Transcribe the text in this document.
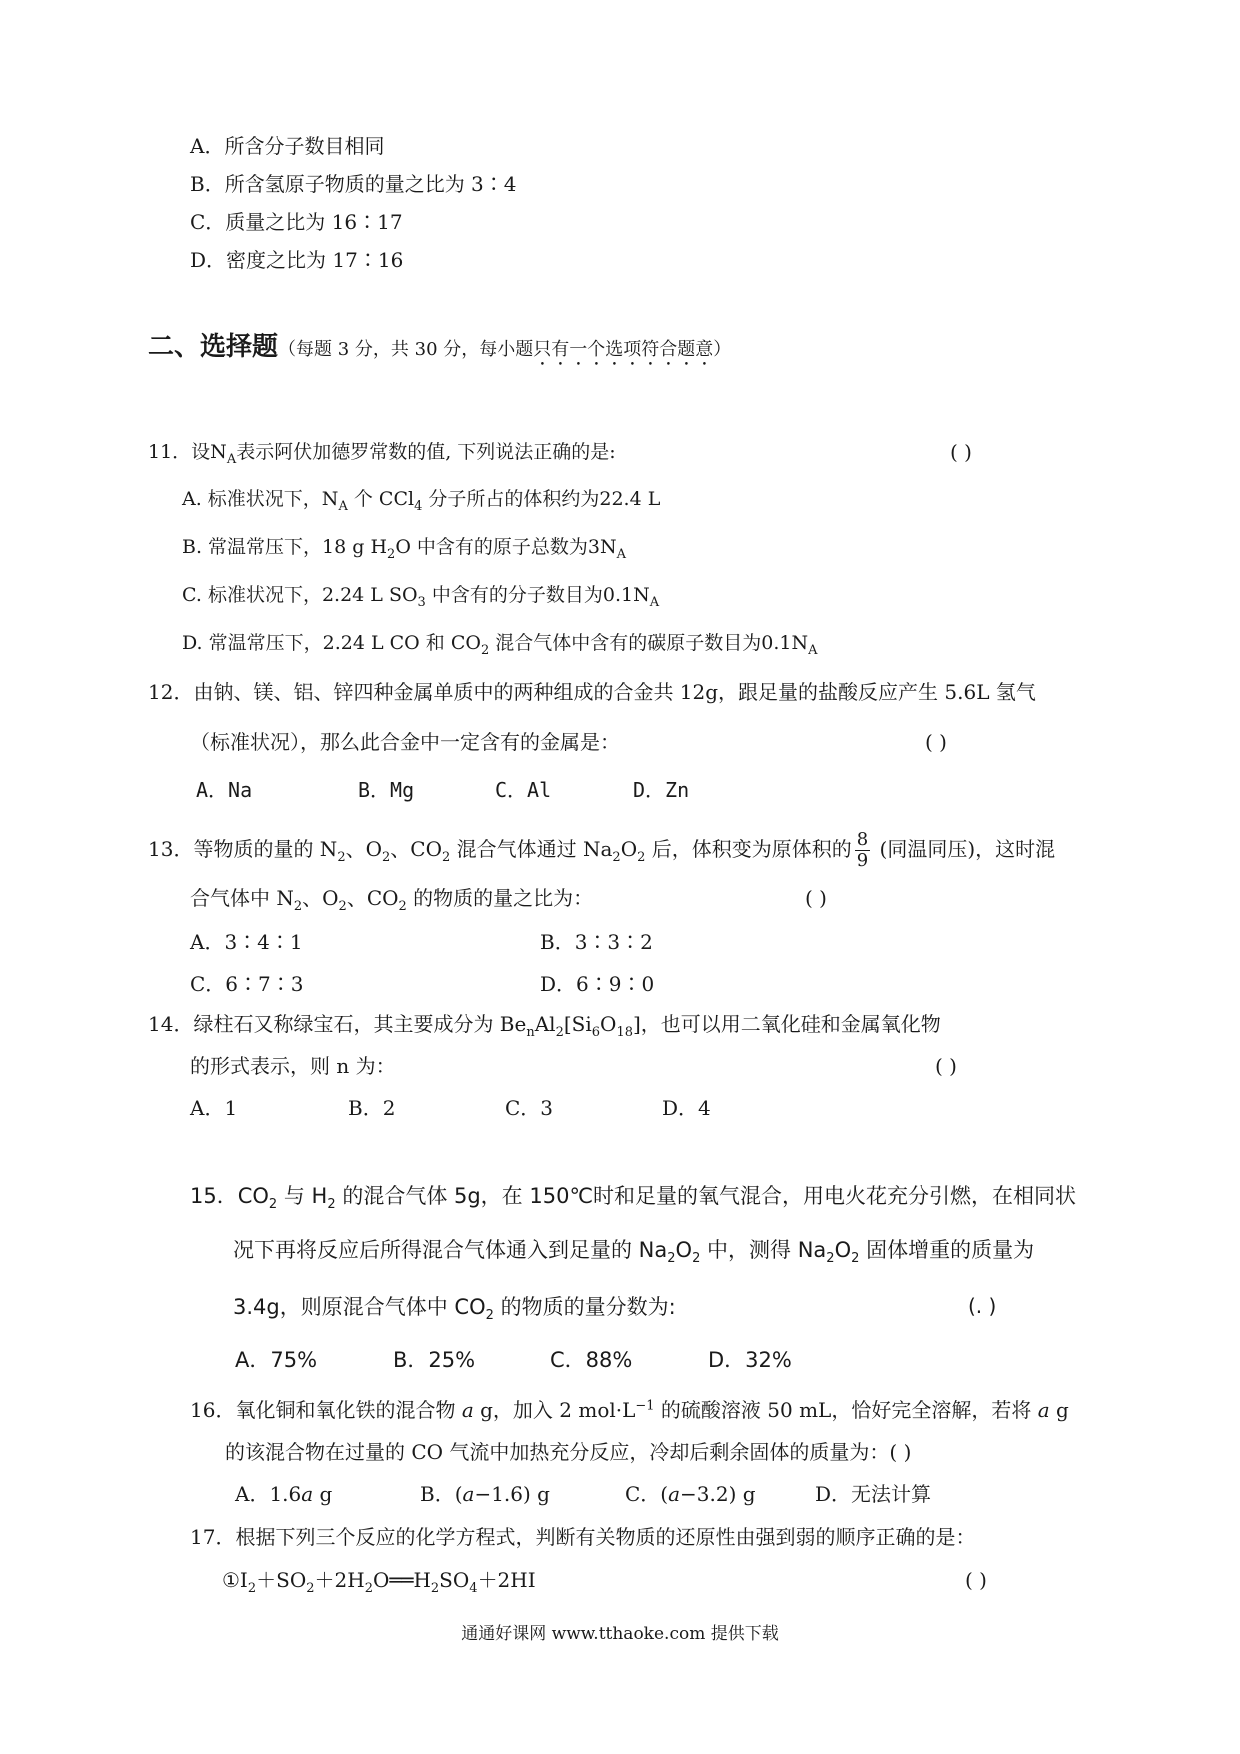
A．所含分子数目相同
B．所含氢原子物质的量之比为 3∶4
C．质量之比为 16∶17
D．密度之比为 17∶16
二、选择题（每题 3 分，共 30 分，每小题只有一个选项符合题意）
11．设$N_A$表示阿伏加德罗常数的值, 下列说法正确的是:	( )
A. 标准状况下，$N_A$ 个 CCl$_4$ 分子所占的体积约为22.4 L
B. 常温常压下，18 g $H_2O$ 中含有的原子总数为$3N_A$
C. 标准状况下，2.24 L $SO_3$ 中含有的分子数目为$0.1N_A$
D. 常温常压下，2.24 L CO 和 $CO_2$ 混合气体中含有的碳原子数目为$0.1N_A$
12．由钠、镁、铝、锌四种金属单质中的两种组成的合金共 12g，跟足量的盐酸反应产生 5.6L 氢气
（标准状况），那么此合金中一定含有的金属是：	( )
A．Na	B．Mg	C．Al	D．Zn
13．等物质的量的 $N_2$、$O_2$、$CO_2$ 混合气体通过 $Na_2O_2$ 后，体积变为原体积的 $\frac{8}{9}$ (同温同压)，这时混
合气体中 $N_2$、$O_2$、$CO_2$ 的物质的量之比为：	( )
A．3∶4∶1	B．3∶3∶2
C．6∶7∶3	D．6∶9∶0
14．绿柱石又称绿宝石，其主要成分为 $Be_nAl_2[Si_6O_{18}]$，也可以用二氧化硅和金属氧化物
的形式表示，则 n 为：	( )
A．1	B．2	C．3	D．4
15．$CO_2$ 与 $H_2$ 的混合气体 5g，在 150℃时和足量的氧气混合，用电火花充分引燃，在相同状
况下再将反应后所得混合气体通入到足量的 $Na_2O_2$ 中，测得 $Na_2O_2$ 固体增重的质量为
3.4g，则原混合气体中 $CO_2$ 的物质的量分数为:	(. )
A．75%	B．25%	C．88%	D．32%
16．氧化铜和氧化铁的混合物 a g，加入 2 $mol\cdot L^{-1}$ 的硫酸溶液 50 mL，恰好完全溶解，若将 a g
的该混合物在过量的 CO 气流中加热充分反应，冷却后剩余固体的质量为：( )
A．1.6a g	B．(a−1.6) g	C．(a−3.2) g	D．无法计算
17．根据下列三个反应的化学方程式，判断有关物质的还原性由强到弱的顺序正确的是：
$①I_2+SO_2+2H_2O══H_2SO_4+2HI$	( )
通通好课网 www.tthaoke.com 提供下载
